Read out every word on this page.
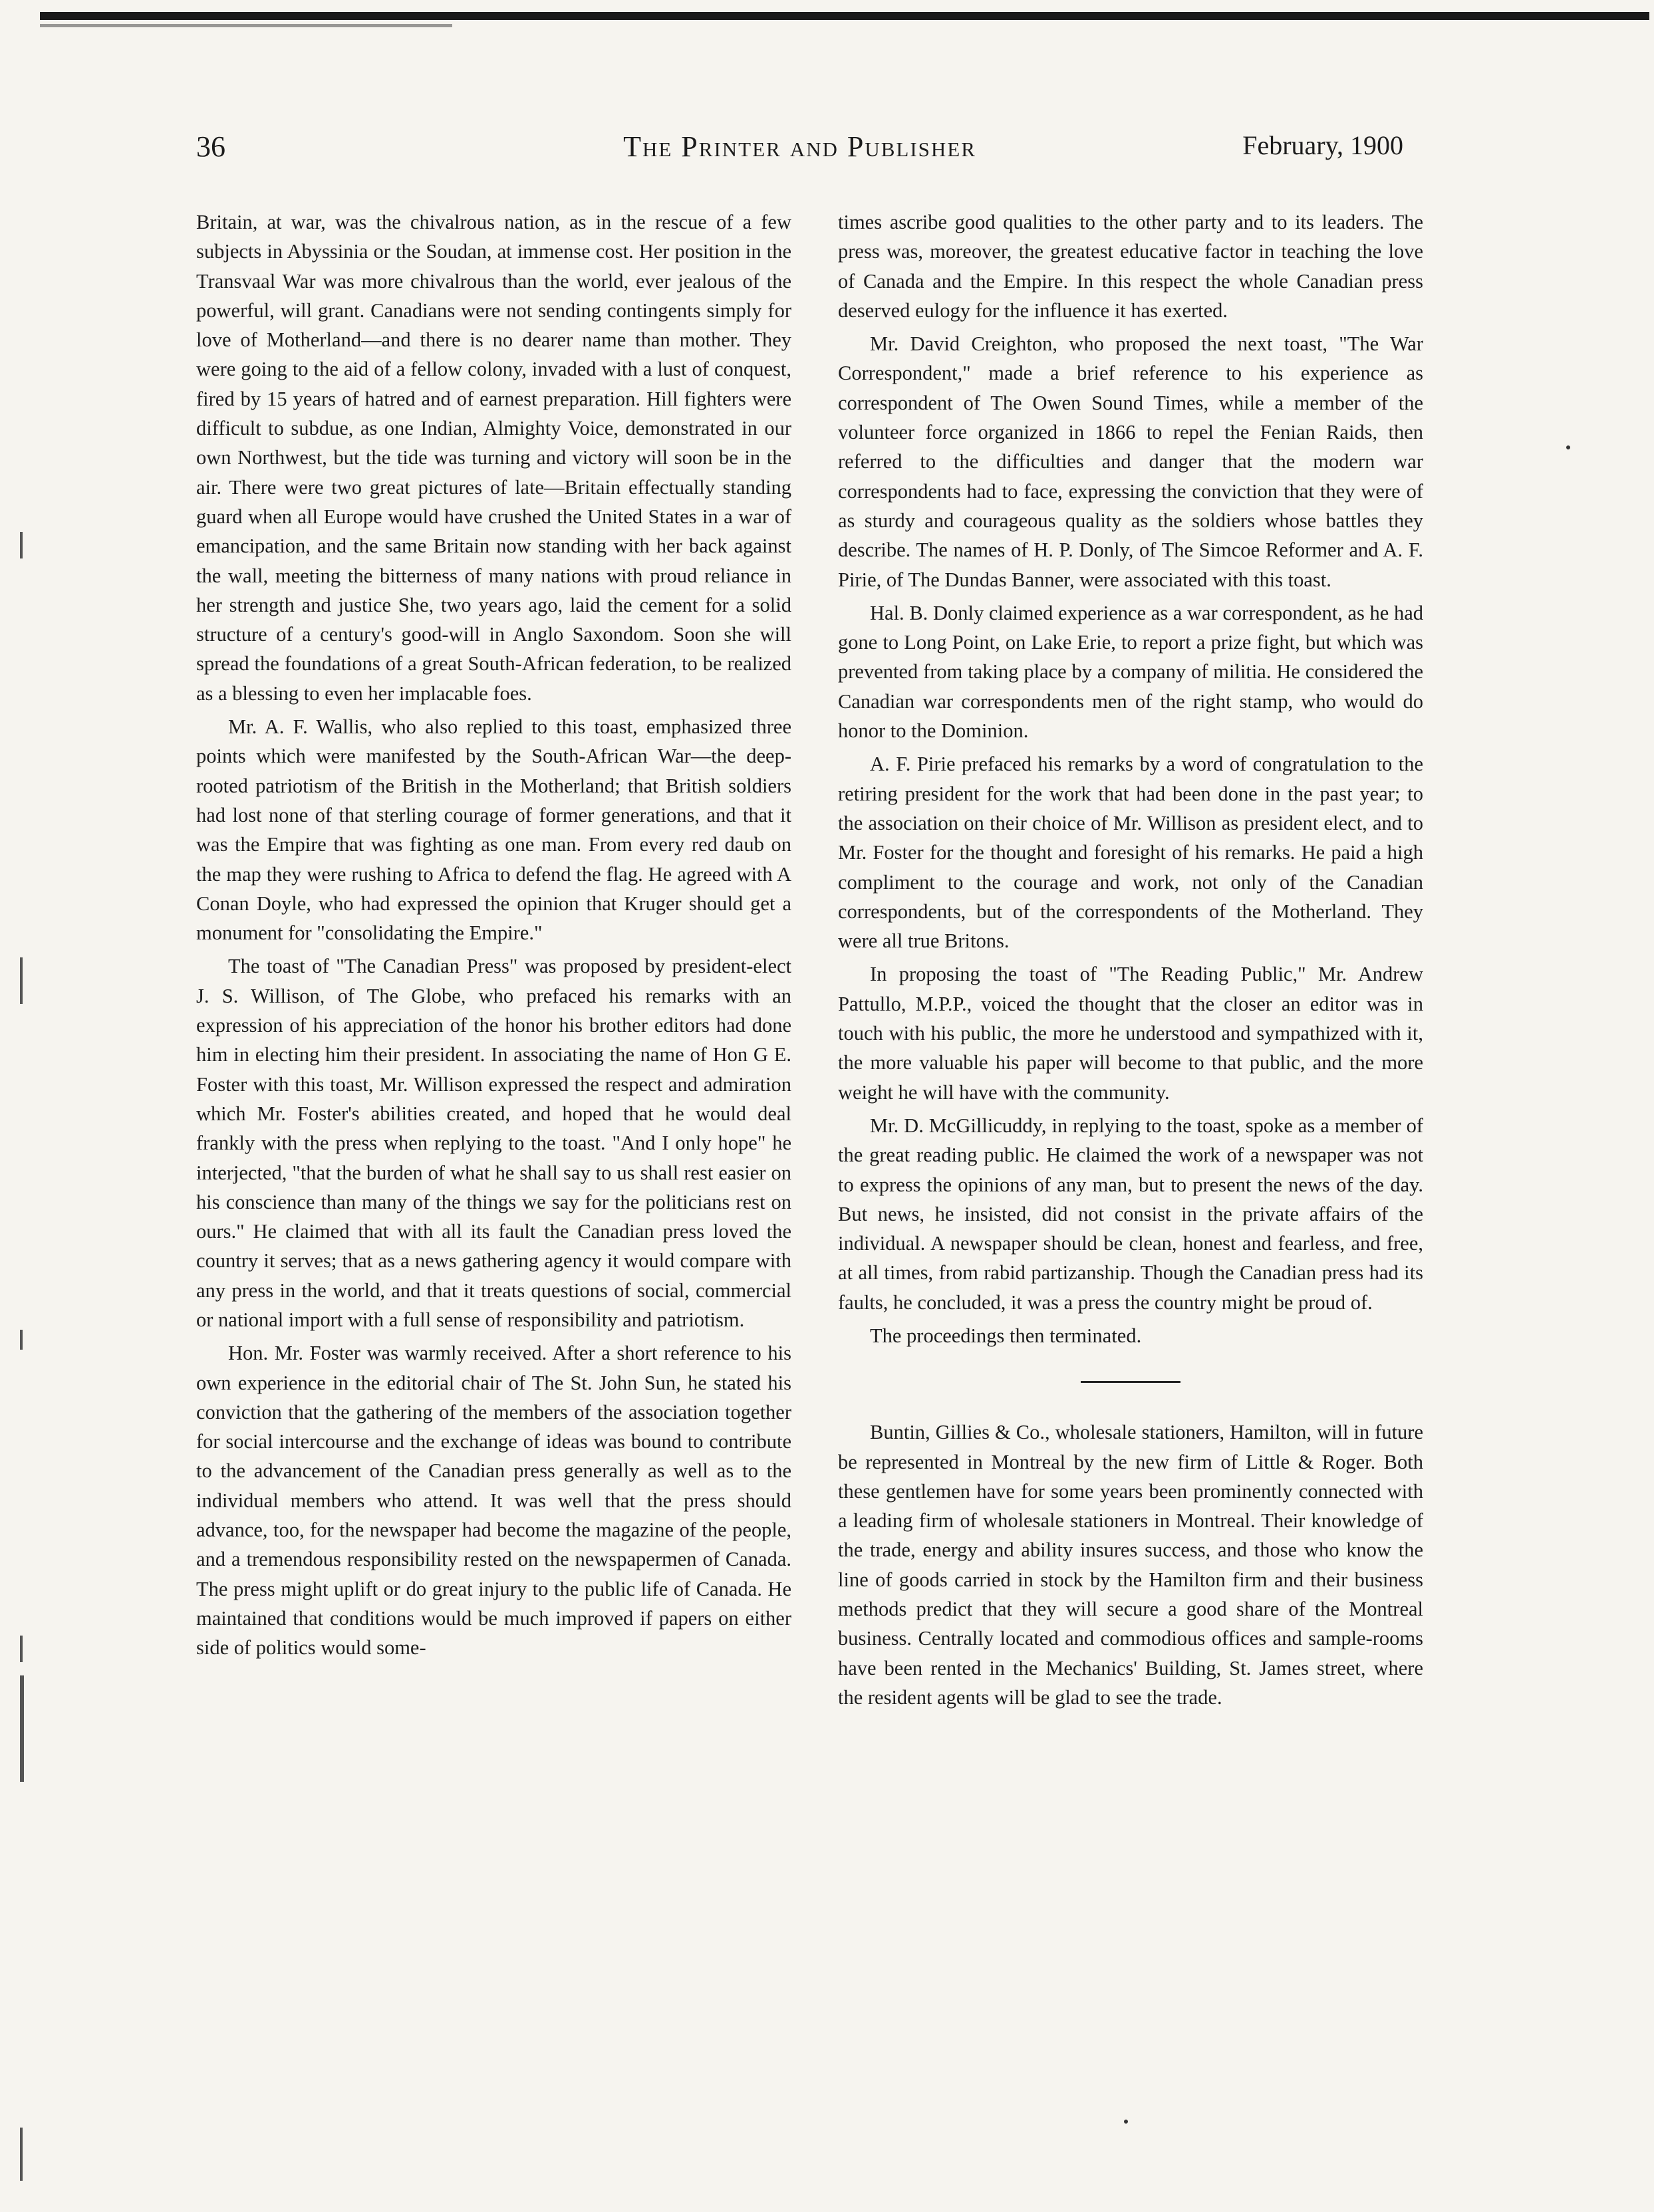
36	The Printer and Publisher	February, 1900

Britain, at war, was the chivalrous nation, as in the rescue of a few subjects in Abyssinia or the Soudan, at immense cost. Her position in the Transvaal War was more chivalrous than the world, ever jealous of the powerful, will grant. Canadians were not sending contingents simply for love of Motherland—and there is no dearer name than mother. They were going to the aid of a fellow colony, invaded with a lust of conquest, fired by 15 years of hatred and of earnest preparation. Hill fighters were difficult to subdue, as one Indian, Almighty Voice, demonstrated in our own Northwest, but the tide was turning and victory will soon be in the air. There were two great pictures of late—Britain effectually standing guard when all Europe would have crushed the United States in a war of emancipation, and the same Britain now standing with her back against the wall, meeting the bitterness of many nations with proud reliance in her strength and justice She, two years ago, laid the cement for a solid structure of a century's good-will in Anglo Saxondom. Soon she will spread the foundations of a great South-African federation, to be realized as a blessing to even her implacable foes.

Mr. A. F. Wallis, who also replied to this toast, emphasized three points which were manifested by the South-African War—the deep-rooted patriotism of the British in the Motherland; that British soldiers had lost none of that sterling courage of former generations, and that it was the Empire that was fighting as one man. From every red daub on the map they were rushing to Africa to defend the flag. He agreed with A Conan Doyle, who had expressed the opinion that Kruger should get a monument for "consolidating the Empire."

The toast of "The Canadian Press" was proposed by president-elect J. S. Willison, of The Globe, who prefaced his remarks with an expression of his appreciation of the honor his brother editors had done him in electing him their president. In associating the name of Hon G E. Foster with this toast, Mr. Willison expressed the respect and admiration which Mr. Foster's abilities created, and hoped that he would deal frankly with the press when replying to the toast. "And I only hope" he interjected, "that the burden of what he shall say to us shall rest easier on his conscience than many of the things we say for the politicians rest on ours." He claimed that with all its fault the Canadian press loved the country it serves; that as a news gathering agency it would compare with any press in the world, and that it treats questions of social, commercial or national import with a full sense of responsibility and patriotism.

Hon. Mr. Foster was warmly received. After a short reference to his own experience in the editorial chair of The St. John Sun, he stated his conviction that the gathering of the members of the association together for social intercourse and the exchange of ideas was bound to contribute to the advancement of the Canadian press generally as well as to the individual members who attend. It was well that the press should advance, too, for the newspaper had become the magazine of the people, and a tremendous responsibility rested on the newspapermen of Canada. The press might uplift or do great injury to the public life of Canada. He maintained that conditions would be much improved if papers on either side of politics would some-

times ascribe good qualities to the other party and to its leaders. The press was, moreover, the greatest educative factor in teaching the love of Canada and the Empire. In this respect the whole Canadian press deserved eulogy for the influence it has exerted.

Mr. David Creighton, who proposed the next toast, "The War Correspondent," made a brief reference to his experience as correspondent of The Owen Sound Times, while a member of the volunteer force organized in 1866 to repel the Fenian Raids, then referred to the difficulties and danger that the modern war correspondents had to face, expressing the conviction that they were of as sturdy and courageous quality as the soldiers whose battles they describe. The names of H. P. Donly, of The Simcoe Reformer and A. F. Pirie, of The Dundas Banner, were associated with this toast.

Hal. B. Donly claimed experience as a war correspondent, as he had gone to Long Point, on Lake Erie, to report a prize fight, but which was prevented from taking place by a company of militia. He considered the Canadian war correspondents men of the right stamp, who would do honor to the Dominion.

A. F. Pirie prefaced his remarks by a word of congratulation to the retiring president for the work that had been done in the past year; to the association on their choice of Mr. Willison as president elect, and to Mr. Foster for the thought and foresight of his remarks. He paid a high compliment to the courage and work, not only of the Canadian correspondents, but of the correspondents of the Motherland. They were all true Britons.

In proposing the toast of "The Reading Public," Mr. Andrew Pattullo, M.P.P., voiced the thought that the closer an editor was in touch with his public, the more he understood and sympathized with it, the more valuable his paper will become to that public, and the more weight he will have with the community.

Mr. D. McGillicuddy, in replying to the toast, spoke as a member of the great reading public. He claimed the work of a newspaper was not to express the opinions of any man, but to present the news of the day. But news, he insisted, did not consist in the private affairs of the individual. A newspaper should be clean, honest and fearless, and free, at all times, from rabid partizanship. Though the Canadian press had its faults, he concluded, it was a press the country might be proud of.

The proceedings then terminated.

Buntin, Gillies & Co., wholesale stationers, Hamilton, will in future be represented in Montreal by the new firm of Little & Roger. Both these gentlemen have for some years been prominently connected with a leading firm of wholesale stationers in Montreal. Their knowledge of the trade, energy and ability insures success, and those who know the line of goods carried in stock by the Hamilton firm and their business methods predict that they will secure a good share of the Montreal business. Centrally located and commodious offices and sample-rooms have been rented in the Mechanics' Building, St. James street, where the resident agents will be glad to see the trade.
